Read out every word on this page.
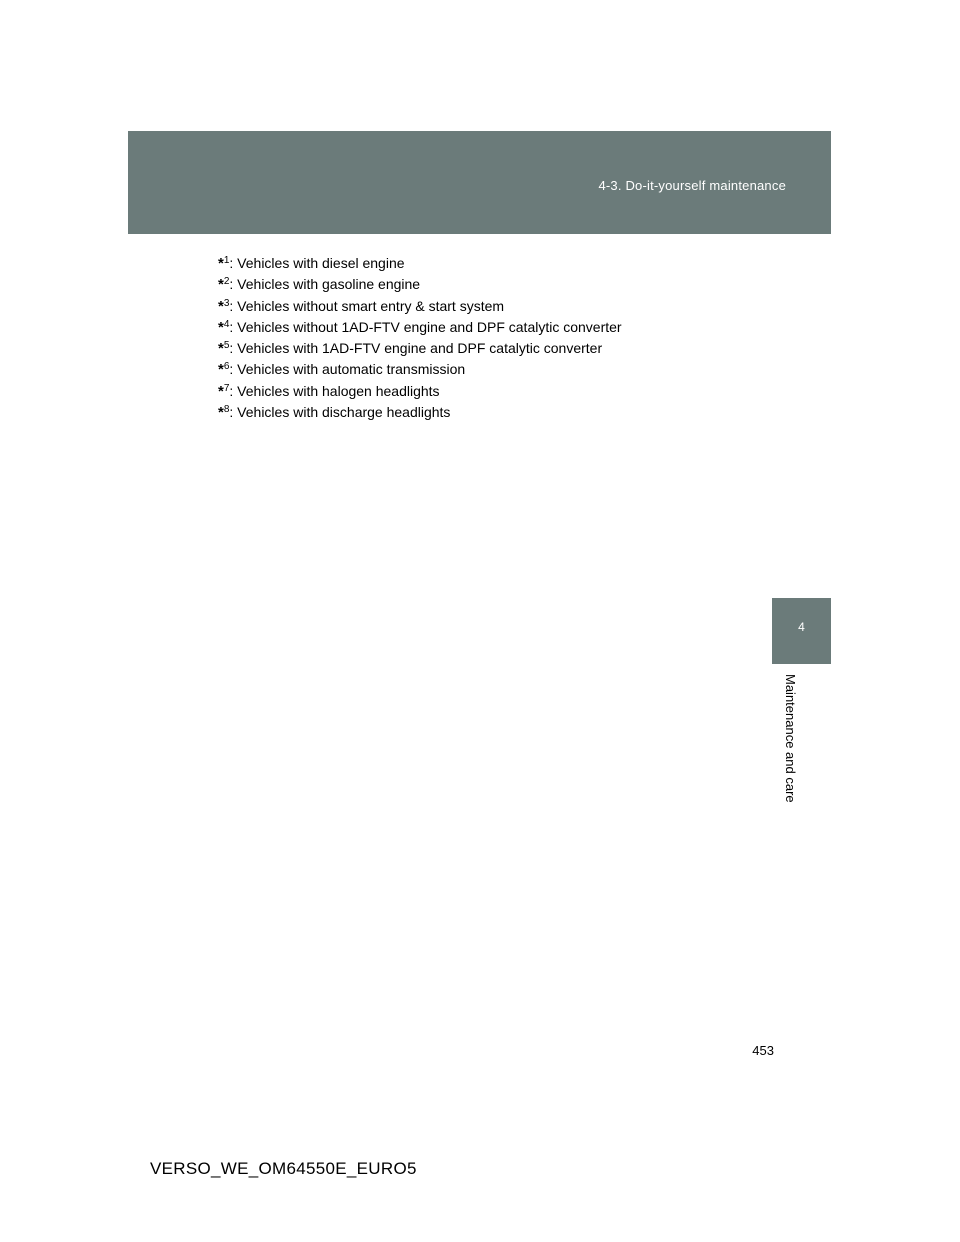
4-3. Do-it-yourself maintenance
4
Maintenance and care
*$^1$: Vehicles with diesel engine
*$^2$: Vehicles with gasoline engine
*$^3$: Vehicles without smart entry & start system
*$^4$: Vehicles without 1AD-FTV engine and DPF catalytic converter
*$^5$: Vehicles with 1AD-FTV engine and DPF catalytic converter
*$^6$: Vehicles with automatic transmission
*$^7$: Vehicles with halogen headlights
*$^8$: Vehicles with discharge headlights
453
VERSO_WE_OM64550E_EURO5
